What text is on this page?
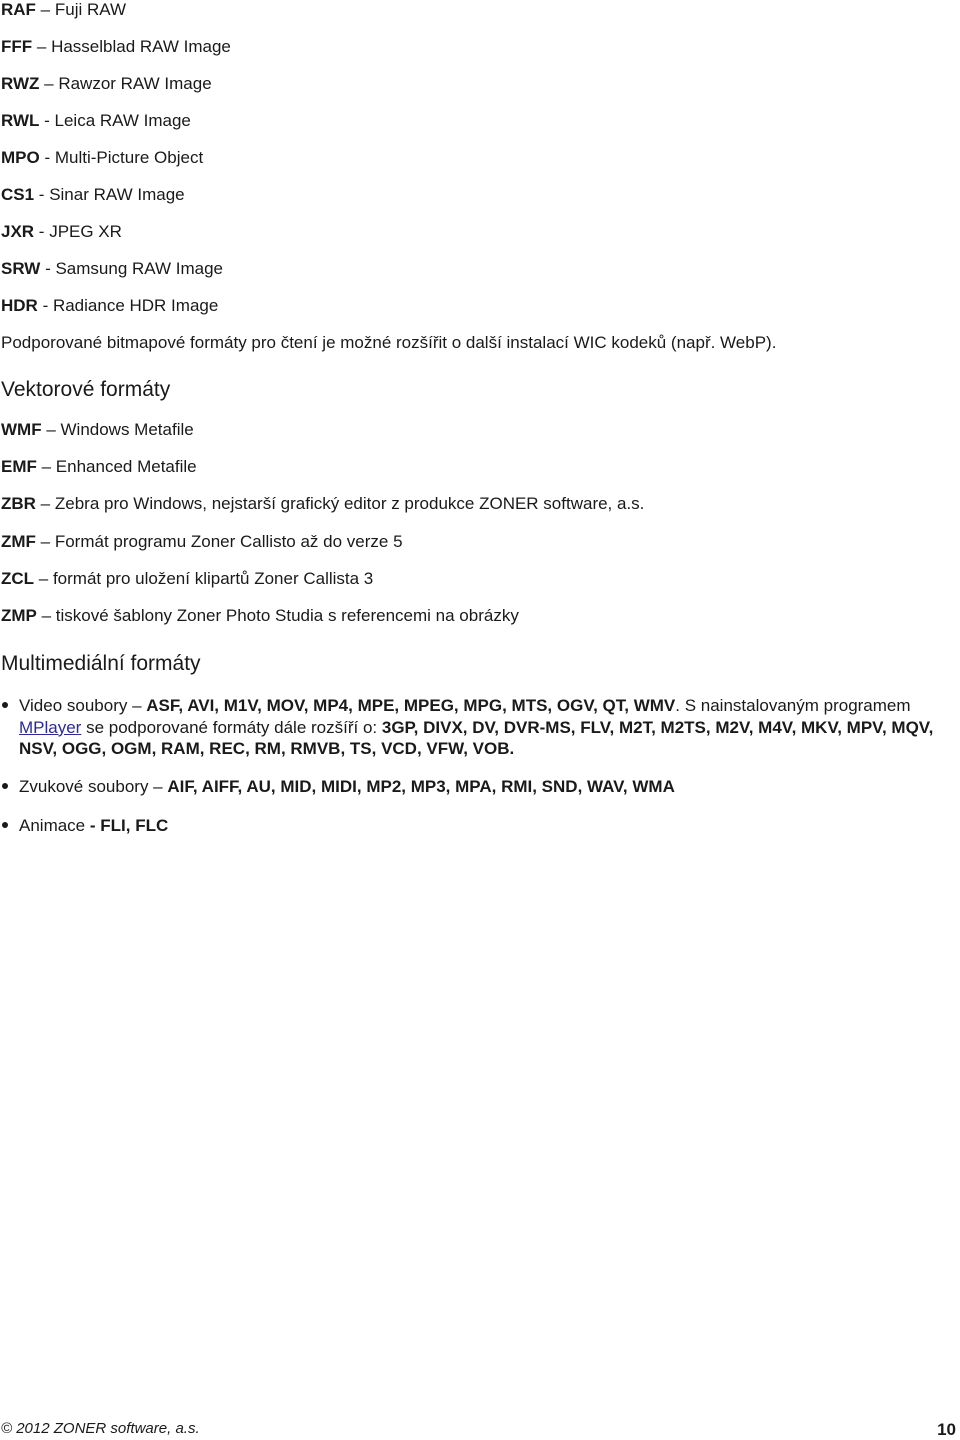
RAF – Fuji RAW
FFF – Hasselblad RAW Image
RWZ – Rawzor RAW Image
RWL - Leica RAW Image
MPO - Multi-Picture Object
CS1 - Sinar RAW Image
JXR - JPEG XR
SRW - Samsung RAW Image
HDR - Radiance HDR Image
Podporované bitmapové formáty pro čtení je možné rozšířit o další instalací WIC kodeků (např. WebP).
Vektorové formáty
WMF – Windows Metafile
EMF – Enhanced Metafile
ZBR – Zebra pro Windows, nejstarší grafický editor z produkce ZONER software, a.s.
ZMF – Formát programu Zoner Callisto až do verze 5
ZCL – formát pro uložení klipartů Zoner Callista 3
ZMP – tiskové šablony Zoner Photo Studia s referencemi na obrázky
Multimediální formáty
Video soubory – ASF, AVI, M1V, MOV, MP4, MPE, MPEG, MPG, MTS, OGV, QT, WMV. S nainstalovaným programem MPlayer se podporované formáty dále rozšíří o: 3GP, DIVX, DV, DVR-MS, FLV, M2T, M2TS, M2V, M4V, MKV, MPV, MQV, NSV, OGG, OGM, RAM, REC, RM, RMVB, TS, VCD, VFW, VOB.
Zvukové soubory – AIF, AIFF, AU, MID, MIDI, MP2, MP3, MPA, RMI, SND, WAV, WMA
Animace - FLI, FLC
© 2012 ZONER software, a.s.	10
